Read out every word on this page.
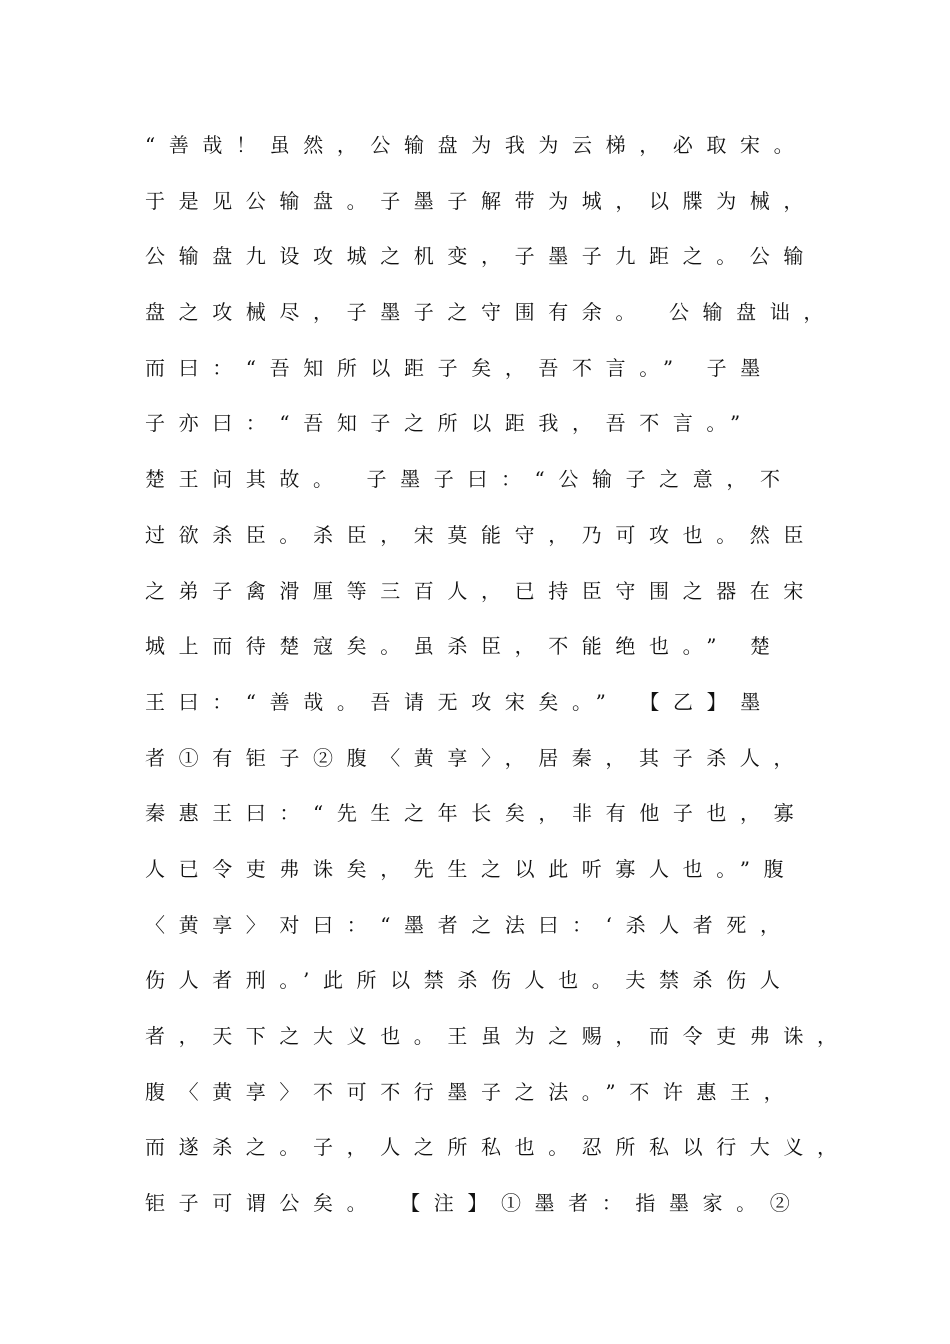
“善哉！虽然，公输盘为我为云梯，必取宋。
于是见公输盘。子墨子解带为城，以牒为械，
公输盘九设攻城之机变，子墨子九距之。公输
盘之攻械尽，子墨子之守围有余。 公输盘诎，
而曰：“吾知所以距子矣，吾不言。” 子墨
子亦曰：“吾知子之所以距我，吾不言。”
楚王问其故。 子墨子曰：“公输子之意，不
过欲杀臣。杀臣，宋莫能守，乃可攻也。然臣
之弟子禽滑厘等三百人，已持臣守围之器在宋
城上而待楚寇矣。虽杀臣，不能绝也。” 楚
王曰：“善哉。吾请无攻宋矣。” 【乙】墨
者①有钜子②腹〈黄享〉，居秦，其子杀人，
秦惠王曰：“先生之年长矣，非有他子也，寡
人已令吏弗诛矣，先生之以此听寡人也。”腹
〈黄享〉对曰：“墨者之法曰：‘杀人者死，
伤人者刑。’此所以禁杀伤人也。夫禁杀伤人
者，天下之大义也。王虽为之赐，而令吏弗诛，
腹〈黄享〉不可不行墨子之法。”不许惠王，
而遂杀之。子，人之所私也。忍所私以行大义，
钜子可谓公矣。 【注】①墨者：指墨家。②
